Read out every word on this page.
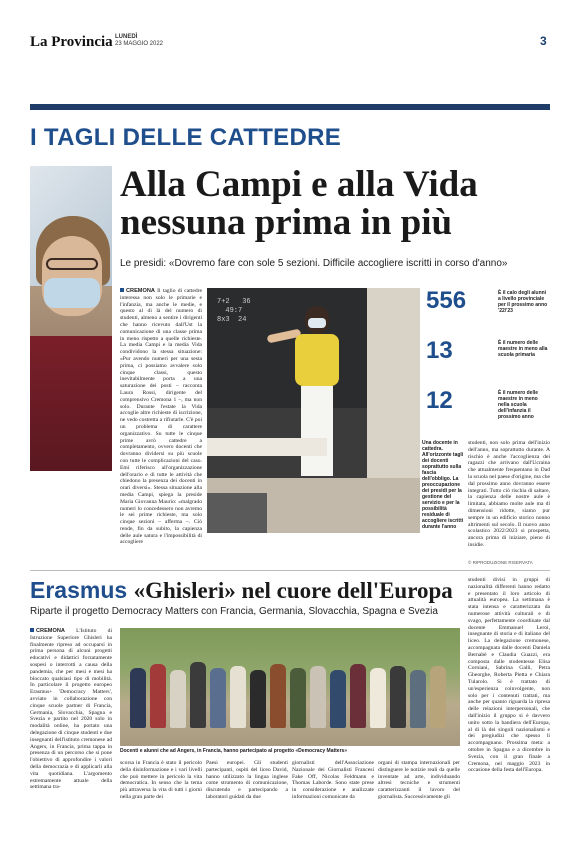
La Provincia LUNEDÌ
23 MAGGIO 2022	3
I TAGLI DELLE CATTEDRE
Alla Campi e alla Vida nessuna prima in più
Le presidi: «Dovremo fare con sole 5 sezioni. Difficile accogliere iscritti in corso d'anno»
CREMONA Il taglio di cattedre interessa non solo le primarie e l'infanzia, ma anche le medie, e questo al di là del numero di studenti, almeno a sentire i dirigenti che hanno ricevuto dall'Ust la comunicazione di una classe prima in meno rispetto a quelle richieste. La media Campi e la media Vida condividono la stessa situazione: «Pur avendo numeri per una sesta prima, ci possiamo avvalere solo cinque classi, questo inevitabilmente porta a una saturazione dei posti – racconta Laura Rossi, dirigente del comprensivo Cremona 1 –, ma non solo. Durante l'estate la Vida accoglie altre richieste di iscrizione, ne vedo costretta a rifiutarle. C'è poi un problema di carattere organizzativo. Su tutte le cinque prime avrò cattedre a completamento, ovvero docenti che dovranno dividersi su più scuole con tutte le complicazioni del caso. Emi riferisco all'organizzazione dell'orario e di tutte le attività che chiedono la presenza dei docenti in orari diversi». Stessa situazione alla media Campi, spiega la preside Maria Giovanna Maurio: «malgrado numeri lo concedessero non avremo le sei prime richieste, ma solo cinque sezioni – afferma –. Ciò rende, fin da subito, la capienza delle aule satura e l'impossibilità di accogliere
7+2   36
49:7
8x3  24
556	È il calo degli alunni a livello provinciale per il prossimo anno '22/'23
13	È il numero delle maestre in meno alla scuola primaria
12	È il numero delle maestre in meno nella scuola dell'infanzia il prossimo anno
Una docente in cattedra. All'orizzonte tagli dei docenti soprattutto sulla fascia dell'obbligo. La preoccupazione dei presidi per la gestione del servizio e per la possibilità residuale di accogliere iscritti durante l'anno
studenti, non solo prima dell'inizio dell'anno, ma soprattutto durante. A rischio è anche l'accoglienza dei ragazzi che arrivano dall'Ucraina che attualmente frequentano in Dad la scuola nel paese d'origine, ma che dal prossimo anno dovranno essere integrati. Tutto ciò rischia di saltare, la capienza delle nostre aule è limitata, abbiamo molte aule ma di dimensioni ridotte, siamo pur sempre in un edificio storico nonno altrimenti sul secolo. Il nuovo anno scolastico 2022/2023 si prospetta, ancora prima di iniziare, pieno di insidie.
© RIPRODUZIONE RISERVATA
Erasmus «Ghisleri» nel cuore dell'Europa
Riparte il progetto Democracy Matters con Francia, Germania, Slovacchia, Spagna e Svezia
CREMONA L'Istituto di Istruzione Superiore Ghisleri ha finalmente ripreso ad occuparsi in prima persona di alcuni progetti educativi e didattici forzatamente sospesi o interrotti a causa della pandemia, che per mesi e mesi ha bloccato qualsiasi tipo di mobilità. In particolare il progetto europeo Erasmus+ 'Democracy Matters', avviato in collaborazione con cinque scuole partner di Francia, Germania, Slovacchia, Spagna e Svezia e partito nel 2020 solo in modalità online, ha portato una delegazione di cinque studenti e due insegnanti dell'istituto cremonese ad Angers, in Francia, prima tappa in presenza di un percorso che si pone l'obiettivo di approfondire i valori della democrazia e di applicarli alla vita quotidiana. L'argomento estremamente attuale della settimana tra-
Docenti e alunni che ad Angers, in Francia, hanno partecipato al progetto «Democracy Matters»
scorsa in Francia è stato il pericolo della disinformazione e i vari livelli che può mettere in pericolo la vita democratica. In senso che la tema più attraversa la vita di tutti i giorni nella gran parte dei
Paesi europei. Gli studenti partecipanti, ospiti del liceo David, hanno utilizzato la lingua inglese come strumento di comunicazione, discutendo e partecipando a laboratori guidati da due
giornalisti dell'Associazione Nazionale dei Giornalisti Francesi Fake Off, Nicolas Feldmann e Thomas Laborde. Sono state prese in considerazione e analizzate informazioni comunicate da
organi di stampa internazionali per distinguere le notizie reali da quelle inventate ad arte, individuando altresì tecniche e strumenti caratterizzanti il lavoro del giornalista. Successivamente gli
studenti divisi in gruppi di nazionalità differenti hanno redatto e presentato il loro articolo di attualità europea. La settimana è stata intensa e caratterizzata da numerose attività culturali e di svago, perfettamente coordinate dal docente Emmanuel Leroi, insegnante di storia e di italiano del liceo. La delegazione cremonese, accompagnata dalle docenti Daniela Bernabè e Claudia Guazzi, era composta dalle studentesse Elisa Corniani, Sabrina Galli, Petra Gheorghe, Roberta Pietta e Chiara Tularolo. Si è trattato di un'esperienza coinvolgente, non solo per i contenuti trattati, ma anche per quanto riguarda la ripresa delle relazioni interpersonali, che dall'inizio il gruppo si è davvero unito sotto la bandiera dell'Europa, al di là dei singoli nazionalismi e dei pregiudizi che spesso li accompagnano. Prossima meta: a ottobre in Spagna e a dicembre in Svezia, con il gran finale a Cremona, nel maggio 2023 in occasione della festa dell'Europa.
